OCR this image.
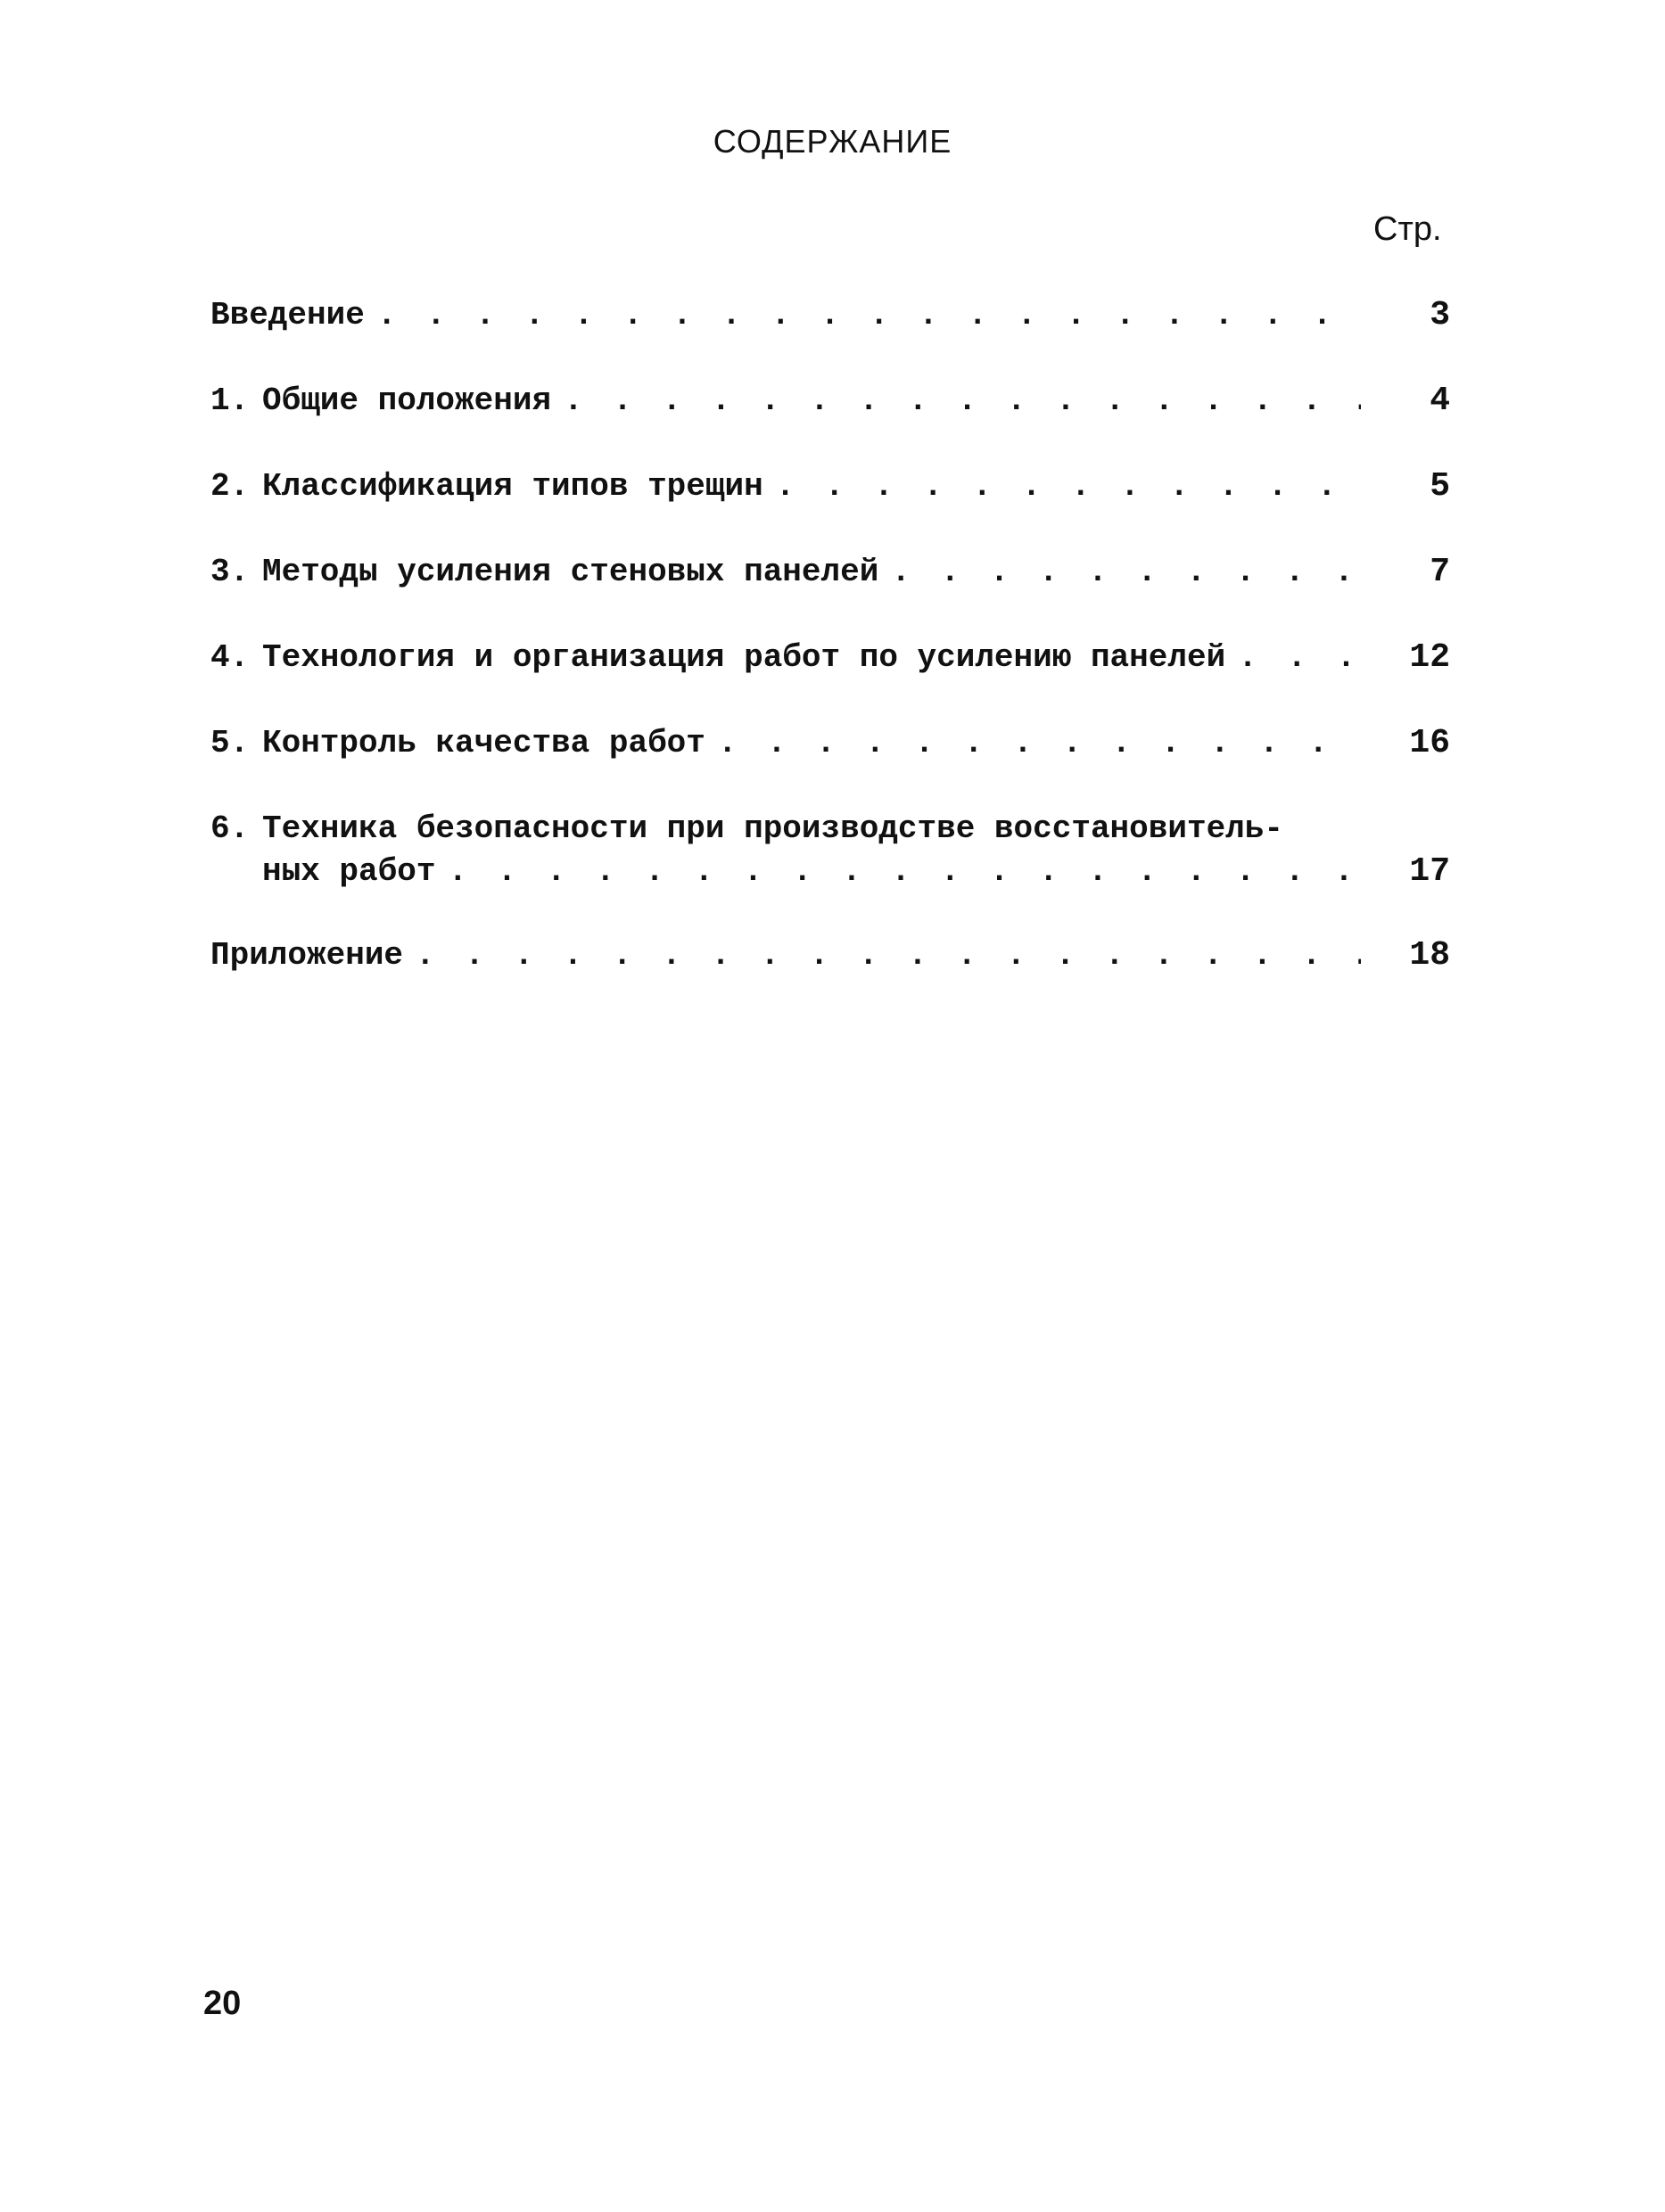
СОДЕРЖАНИЕ
Стр.
Введение . . .	3
1. Общие положения . . .	4
2. Классификация типов трещин . . .	5
3. Методы усиления стеновых панелей . . .	7
4. Технология и организация работ по усилению панелей . . .	12
5. Контроль качества работ . . .	16
6. Техника безопасности при производстве восстановитель-
ных работ . . .	17
Приложение . . .	18
20
